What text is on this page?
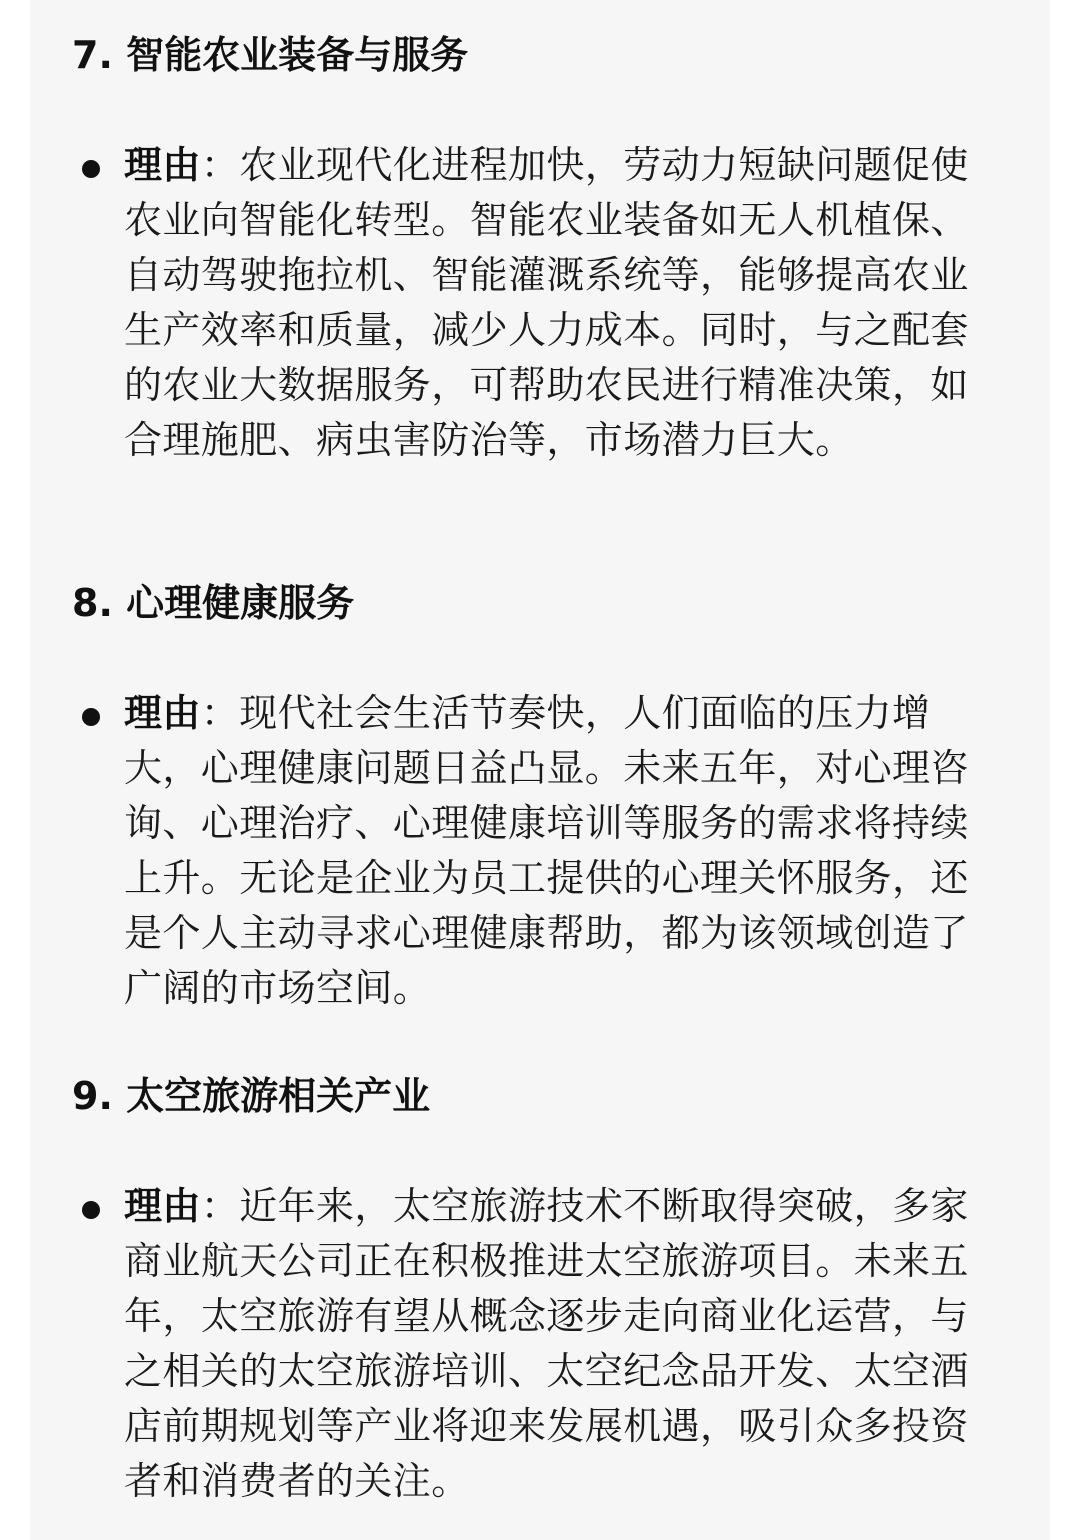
7. 智能农业装备与服务

理由：农业现代化进程加快，劳动力短缺问题促使农业向智能化转型。智能农业装备如无人机植保、自动驾驶拖拉机、智能灌溉系统等，能够提高农业生产效率和质量，减少人力成本。同时，与之配套的农业大数据服务，可帮助农民进行精准决策，如合理施肥、病虫害防治等，市场潜力巨大。

8. 心理健康服务

理由：现代社会生活节奏快，人们面临的压力增大，心理健康问题日益凸显。未来五年，对心理咨询、心理治疗、心理健康培训等服务的需求将持续上升。无论是企业为员工提供的心理关怀服务，还是个人主动寻求心理健康帮助，都为该领域创造了广阔的市场空间。

9. 太空旅游相关产业

理由：近年来，太空旅游技术不断取得突破，多家商业航天公司正在积极推进太空旅游项目。未来五年，太空旅游有望从概念逐步走向商业化运营，与之相关的太空旅游培训、太空纪念品开发、太空酒店前期规划等产业将迎来发展机遇，吸引众多投资者和消费者的关注。
